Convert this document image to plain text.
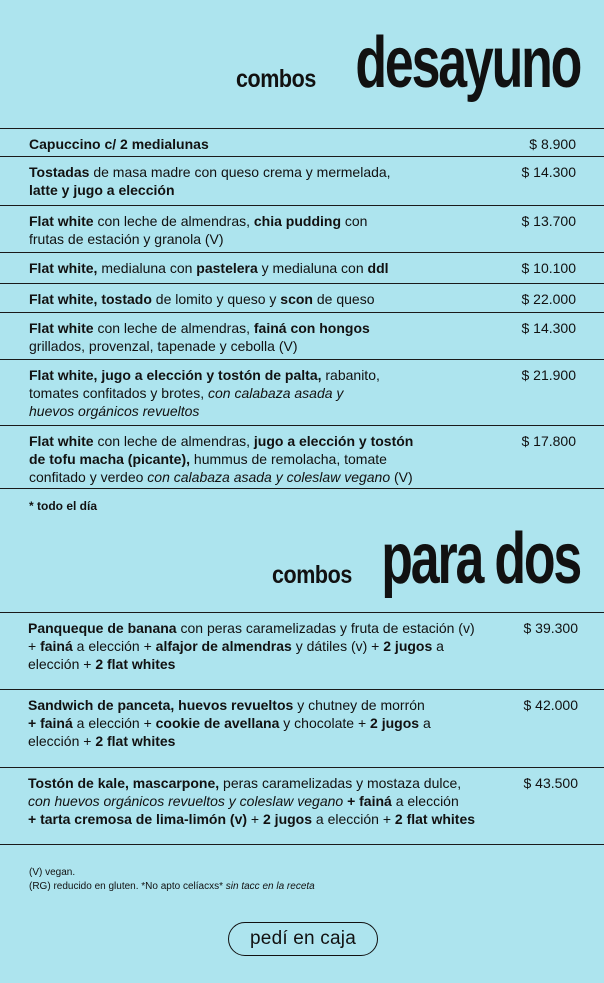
combos desayuno
Capuccino c/ 2 medialunas	$ 8.900
Tostadas de masa madre con queso crema y mermelada,
latte y jugo a elección
$ 14.300
Flat white con leche de almendras, chia pudding con
frutas de estación y granola (V)
$ 13.700
Flat white, medialuna con pastelera y medialuna con ddl	$ 10.100
Flat white, tostado de lomito y queso y scon de queso	$ 22.000
Flat white con leche de almendras, fainá con hongos
grillados, provenzal, tapenade y cebolla (V)
$ 14.300
Flat white, jugo a elección y tostón de palta, rabanito,
tomates confitados y brotes, con calabaza asada y
huevos orgánicos revueltos
$ 21.900
Flat white con leche de almendras, jugo a elección y tostón
de tofu macha (picante), hummus de remolacha, tomate
confitado y verdeo con calabaza asada y coleslaw vegano (V)
$ 17.800
* todo el día
combos para dos
Panqueque de banana con peras caramelizadas y fruta de estación (v)
+ fainá a elección + alfajor de almendras y dátiles (v) + 2 jugos a
elección + 2 flat whites
$ 39.300
Sandwich de panceta, huevos revueltos y chutney de morrón
+ fainá a elección + cookie de avellana y chocolate + 2 jugos a
elección + 2 flat whites
$ 42.000
Tostón de kale, mascarpone, peras caramelizadas y mostaza dulce,
con huevos orgánicos revueltos y coleslaw vegano + fainá a elección
+ tarta cremosa de lima-limón (v) + 2 jugos a elección + 2 flat whites
$ 43.500
(V) vegan.
(RG) reducido en gluten. *No apto celíacxs* sin tacc en la receta
pedí en caja
